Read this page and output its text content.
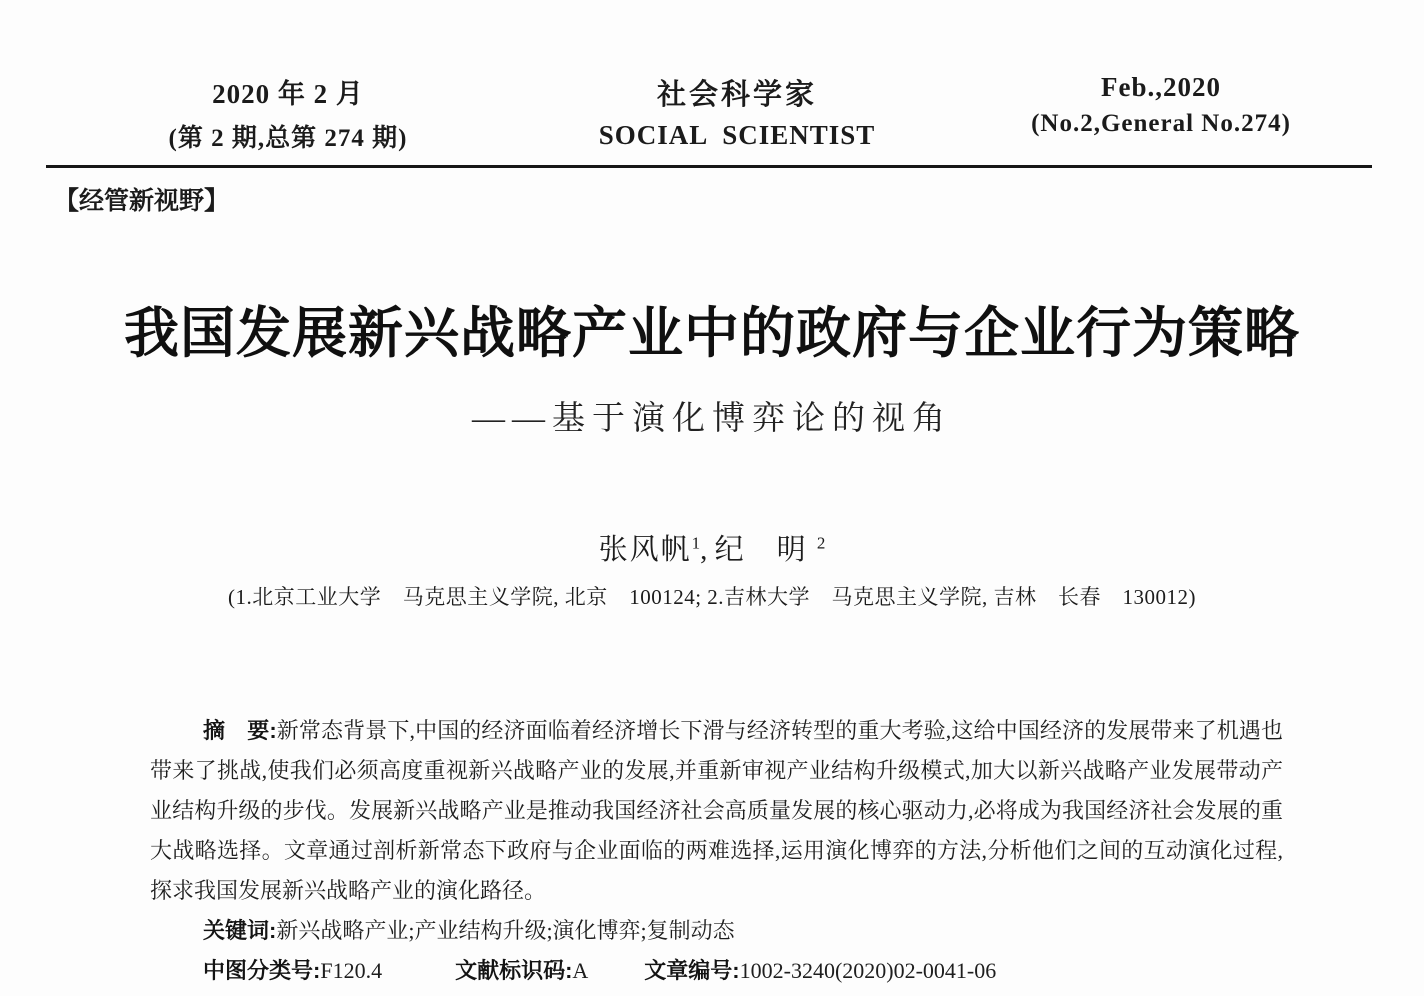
2020 年 2 月
(第 2 期,总第 274 期)
社会科学家
SOCIAL  SCIENTIST
Feb.,2020
(No.2,General No.274)
【经管新视野】
我国发展新兴战略产业中的政府与企业行为策略
——基于演化博弈论的视角
张风帆$^1$, 纪　明 $^2$
(1.北京工业大学　马克思主义学院, 北京　100124; 2.吉林大学　马克思主义学院, 吉林　长春　130012)
摘　要:新常态背景下,中国的经济面临着经济增长下滑与经济转型的重大考验,这给中国经济的发展带来了机遇也带来了挑战,使我们必须高度重视新兴战略产业的发展,并重新审视产业结构升级模式,加大以新兴战略产业发展带动产业结构升级的步伐。发展新兴战略产业是推动我国经济社会高质量发展的核心驱动力,必将成为我国经济社会发展的重大战略选择。文章通过剖析新常态下政府与企业面临的两难选择,运用演化博弈的方法,分析他们之间的互动演化过程,探求我国发展新兴战略产业的演化路径。
关键词:新兴战略产业;产业结构升级;演化博弈;复制动态
中图分类号:F120.4	文献标识码:A	文章编号:1002-3240(2020)02-0041-06
